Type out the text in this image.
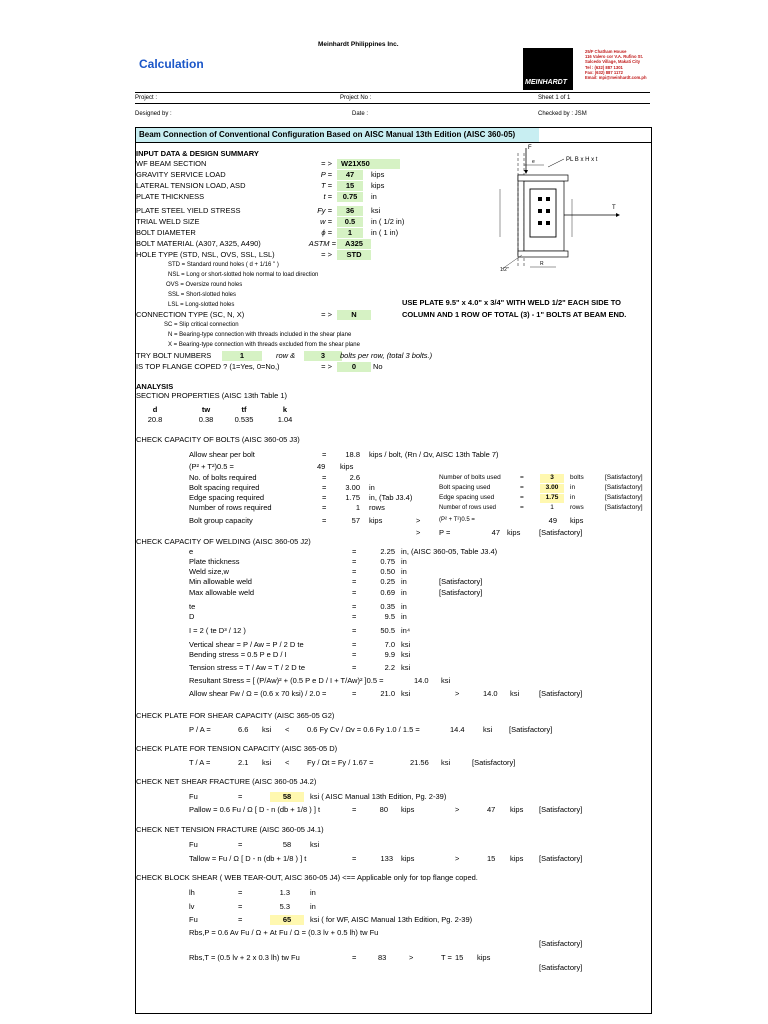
Meinhardt Philippines Inc.
Calculation
MEINHARDT
25/F Chatham House
116 Valero cor V.A. Rufino St.
Salcedo Village, Makati City
Tel : (632) 887 1301
Fax: (632) 887 1172
Email: mpi@meinhardt.com.ph
Project :	Project No :	Sheet 1 of 1
Designed by :	Date :	Checked by : JSM
Beam Connection of Conventional Configuration Based on AISC Manual 13th Edition (AISC 360-05)
INPUT DATA & DESIGN SUMMARY
WF BEAM SECTION	= >	W21X50
GRAVITY SERVICE LOAD	P =	47	kips
LATERAL TENSION LOAD, ASD	T =	15	kips
PLATE THICKNESS	t =	0.75	in
PLATE STEEL YIELD STRESS	Fy =	36	ksi
TRIAL WELD SIZE	w =	0.5	in ( 1/2 in)
BOLT DIAMETER	ϕ =	1	in ( 1 in)
BOLT MATERIAL (A307, A325, A490)	ASTM =	A325
HOLE TYPE (STD, NSL, OVS, SSL, LSL)	= >	STD
STD = Standard round holes ( d + 1/16 " )
NSL = Long or short-slotted hole normal to load direction
OVS = Oversize round holes
SSL = Short-slotted holes
LSL = Long-slotted holes
CONNECTION TYPE (SC, N, X)	= >	N
USE PLATE 9.5" x 4.0" x 3/4" WITH WELD 1/2" EACH SIDE TO
COLUMN AND 1 ROW OF TOTAL (3) - 1" BOLTS AT BEAM END.
SC = Slip critical connection
N = Bearing-type connection with threads included in the shear plane
X = Bearing-type connection with threads excluded from the shear plane
TRY BOLT NUMBERS	1	row &	3	bolts per row, (total 3 bolts.)
IS TOP FLANGE COPED ? (1=Yes, 0=No,)	= >	0	No
F
PL B x H x t
T
e
1/2"
R
ANALYSIS
SECTION PROPERTIES (AISC 13th Table 1)
d	tw	tf	k
20.8	0.38	0.535	1.04
CHECK CAPACITY OF BOLTS (AISC 360-05 J3)
Allow shear per bolt	=	18.8 kips / bolt, (Rn / Ωv, AISC 13th Table 7)
(P² + T²)0.5 =	49 kips
No. of bolts required	=	2.6
Bolt spacing required	=	3.00 in
Edge spacing required	=	1.75 in, (Tab J3.4)
Number of rows required	=	1 rows
Bolt group capacity	=	57 kips
Number of bolts used	=	3	bolts	[Satisfactory]
Bolt spacing used	=	3.00	in	[Satisfactory]
Edge spacing used	=	1.75	in	[Satisfactory]
Number of rows used	=	1	rows	[Satisfactory]
>	(P² + T²)0.5 =	49 kips
> P =	47 kips [Satisfactory]
CHECK CAPACITY OF WELDING (AISC 360-05 J2)
e	=	2.25 in, (AISC 360-05, Table J3.4)
Plate thickness	=	0.75 in
Weld size,w	=	0.50 in
Min allowable weld	=	0.25 in	[Satisfactory]
Max allowable weld	=	0.69 in	[Satisfactory]
te	=	0.35 in
D	=	9.5 in
I = 2 ( te D³ / 12 )	=	50.5 in⁴
Vertical shear = P / Aw = P / 2 D te	=	7.0 ksi
Bending stress = 0.5 P e D / I	=	9.9 ksi
Tension stress = T / Aw = T / 2 D te	=	2.2 ksi
Resultant Stress = [ (P/Aw)² + (0.5 P e D / I + T/Aw)² ]0.5 =	14.0 ksi
Allow shear Fw / Ω = (0.6 x 70 ksi) / 2.0 =	=	21.0 ksi	>	14.0 ksi	[Satisfactory]
CHECK PLATE FOR SHEAR CAPACITY (AISC 365-05 G2)
P / A =	6.6 ksi < 0.6 Fy Cv / Ωv = 0.6 Fy 1.0 / 1.5 =	14.4 ksi [Satisfactory]
CHECK PLATE FOR TENSION CAPACITY (AISC 365-05 D)
T / A =	2.1 ksi < Fy / Ωt = Fy / 1.67 =	21.56 ksi	[Satisfactory]
CHECK NET SHEAR FRACTURE (AISC 360-05 J4.2)
Fu	=	58	ksi ( AISC Manual 13th Edition, Pg. 2-39)
Pallow = 0.6 Fu / Ω [ D - n (db + 1/8 ) ] t	=	80 kips	>	47 kips [Satisfactory]
CHECK NET TENSION FRACTURE (AISC 360-05 J4.1)
Fu	=	58	ksi
Tallow = Fu / Ω [ D - n (db + 1/8 ) ] t	=	133 kips	>	15 kips [Satisfactory]
CHECK BLOCK SHEAR ( WEB TEAR-OUT, AISC 360-05 J4) <== Applicable only for top flange coped.
lh	=	1.3	in
lv	=	5.3	in
Fu	=	65	ksi ( for WF, AISC Manual 13th Edition, Pg. 2-39)
Rbs,P = 0.6 Av Fu / Ω + At Fu / Ω = (0.3 lv + 0.5 lh) tw Fu
[Satisfactory]
Rbs,T = (0.5 lv + 2 x 0.3 lh) tw Fu	=	83	>	T = 15 kips
[Satisfactory]
